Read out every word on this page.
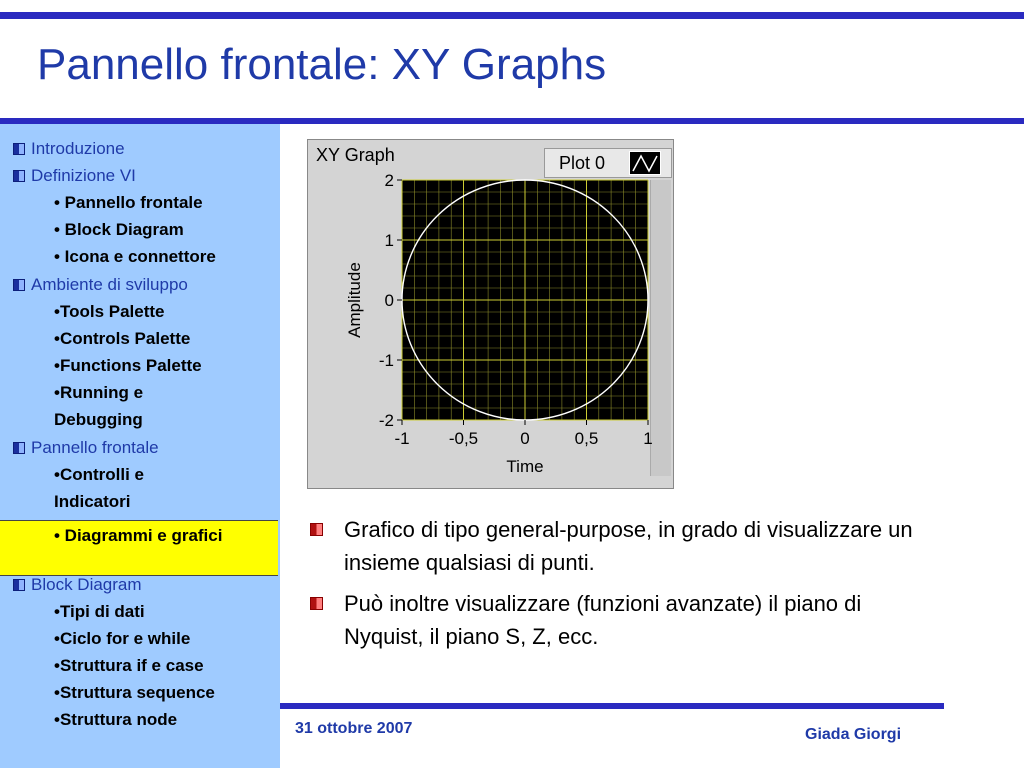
Pannello frontale: XY Graphs
Introduzione
Definizione VI
• Pannello frontale
• Block Diagram
• Icona e connettore
Ambiente di sviluppo
•Tools Palette
•Controls Palette
•Functions Palette
•Running e Debugging
Pannello frontale
•Controlli e Indicatori
• Diagrammi e grafici
Block Diagram
•Tipi di dati
•Ciclo for e while
•Struttura if e case
•Struttura sequence
•Struttura node
XY Graph	Plot 0
-1 -0,5 0	0,5	1
2
1
0
-1
-2
Time
Amplitude
Grafico di tipo general-purpose, in grado di visualizzare un insieme qualsiasi di punti.
Può inoltre visualizzare (funzioni avanzate) il piano di Nyquist, il piano S, Z, ecc.
31 ottobre 2007	Giada Giorgi
